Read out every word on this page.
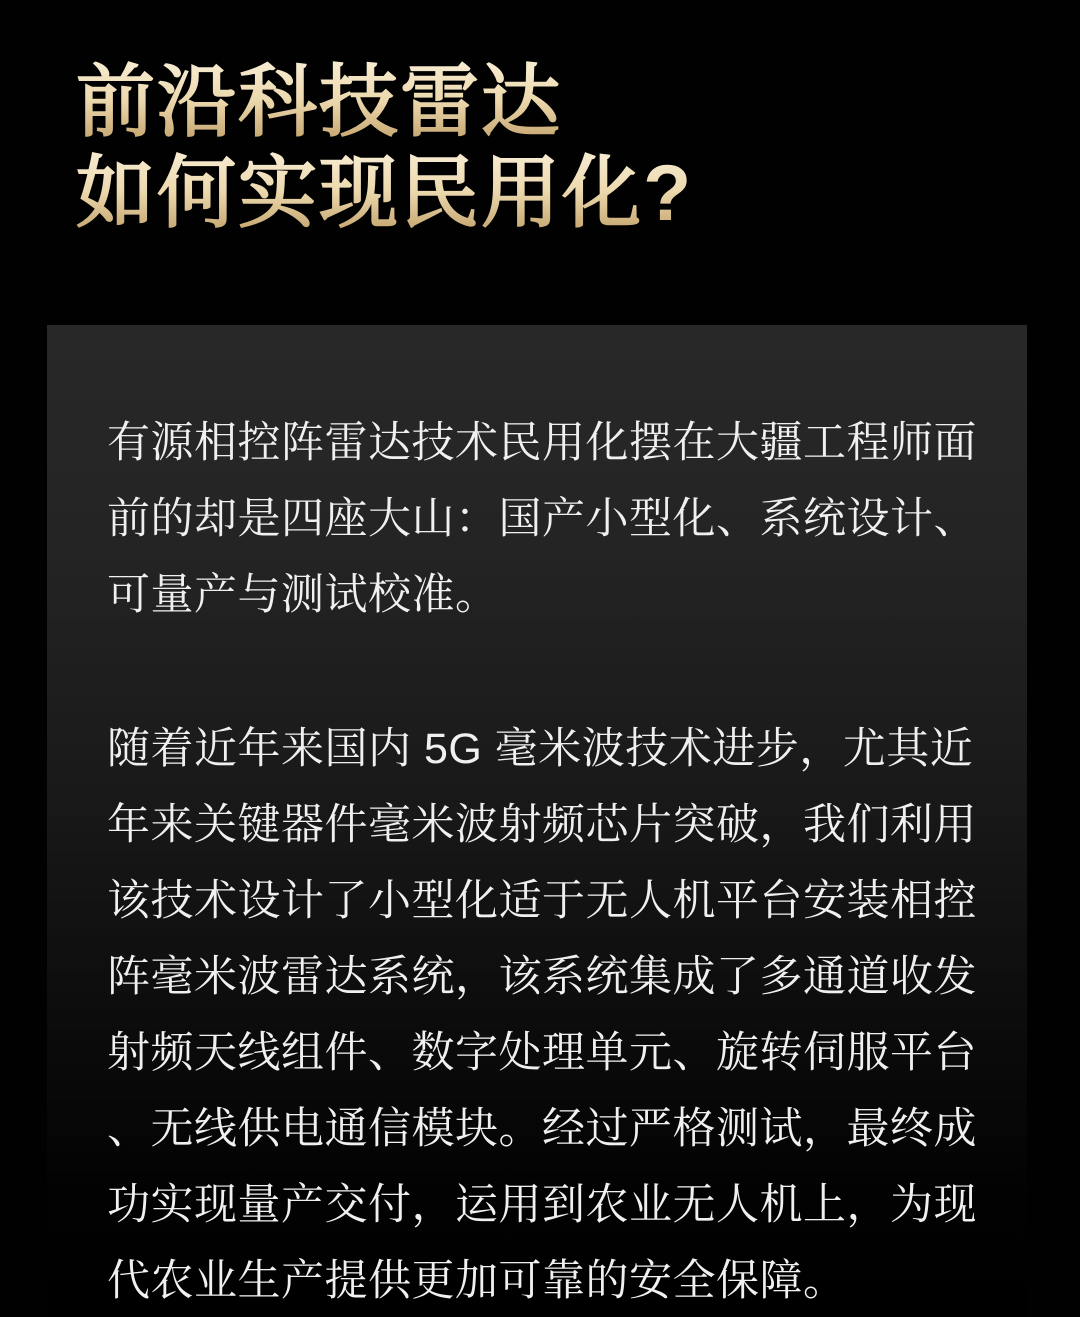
前沿科技雷达
如何实现民用化?
有源相控阵雷达技术民用化摆在大疆工程师面
前的却是四座大山：国产小型化、系统设计、
可量产与测试校准。
随着近年来国内 5G 毫米波技术进步，尤其近
年来关键器件毫米波射频芯片突破，我们利用
该技术设计了小型化适于无人机平台安装相控
阵毫米波雷达系统，该系统集成了多通道收发
射频天线组件、数字处理单元、旋转伺服平台
、无线供电通信模块。经过严格测试，最终成
功实现量产交付，运用到农业无人机上，为现
代农业生产提供更加可靠的安全保障。
